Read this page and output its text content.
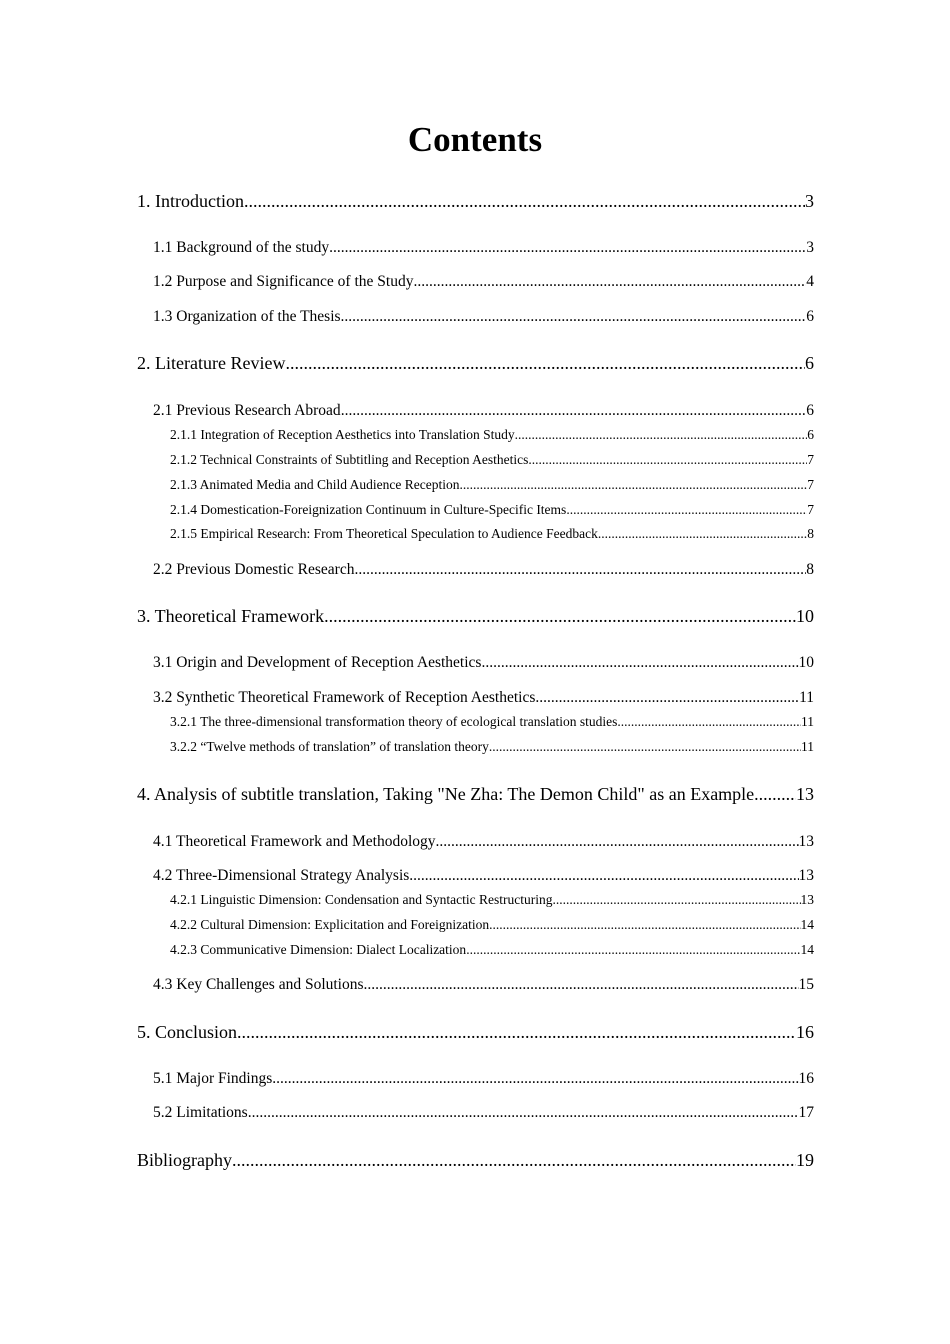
Contents
1. Introduction .....	3
1.1 Background of the study .....	3
1.2 Purpose and Significance of the Study .....	4
1.3 Organization of the Thesis .....	6
2. Literature Review .....	6
2.1 Previous Research Abroad .....	6
2.1.1 Integration of Reception Aesthetics into Translation Study .....	6
2.1.2 Technical Constraints of Subtitling and Reception Aesthetics .....	7
2.1.3 Animated Media and Child Audience Reception .....	7
2.1.4 Domestication-Foreignization Continuum in Culture-Specific Items .....	7
2.1.5 Empirical Research: From Theoretical Speculation to Audience Feedback .....	8
2.2 Previous Domestic Research .....	8
3. Theoretical Framework .....	10
3.1 Origin and Development of Reception Aesthetics .....	10
3.2 Synthetic Theoretical Framework of Reception Aesthetics .....	11
3.2.1 The three-dimensional transformation theory of ecological translation studies .....	11
3.2.2 “Twelve methods of translation” of translation theory .....	11
4. Analysis of subtitle translation, Taking "Ne Zha: The Demon Child" as an Example ..... 13
4.1 Theoretical Framework and Methodology .....	13
4.2 Three-Dimensional Strategy Analysis .....	13
4.2.1 Linguistic Dimension: Condensation and Syntactic Restructuring .....	13
4.2.2 Cultural Dimension: Explicitation and Foreignization .....	14
4.2.3 Communicative Dimension: Dialect Localization .....	14
4.3 Key Challenges and Solutions .....	15
5. Conclusion .....	16
5.1 Major Findings .....	16
5.2 Limitations .....	17
Bibliography .....	19
